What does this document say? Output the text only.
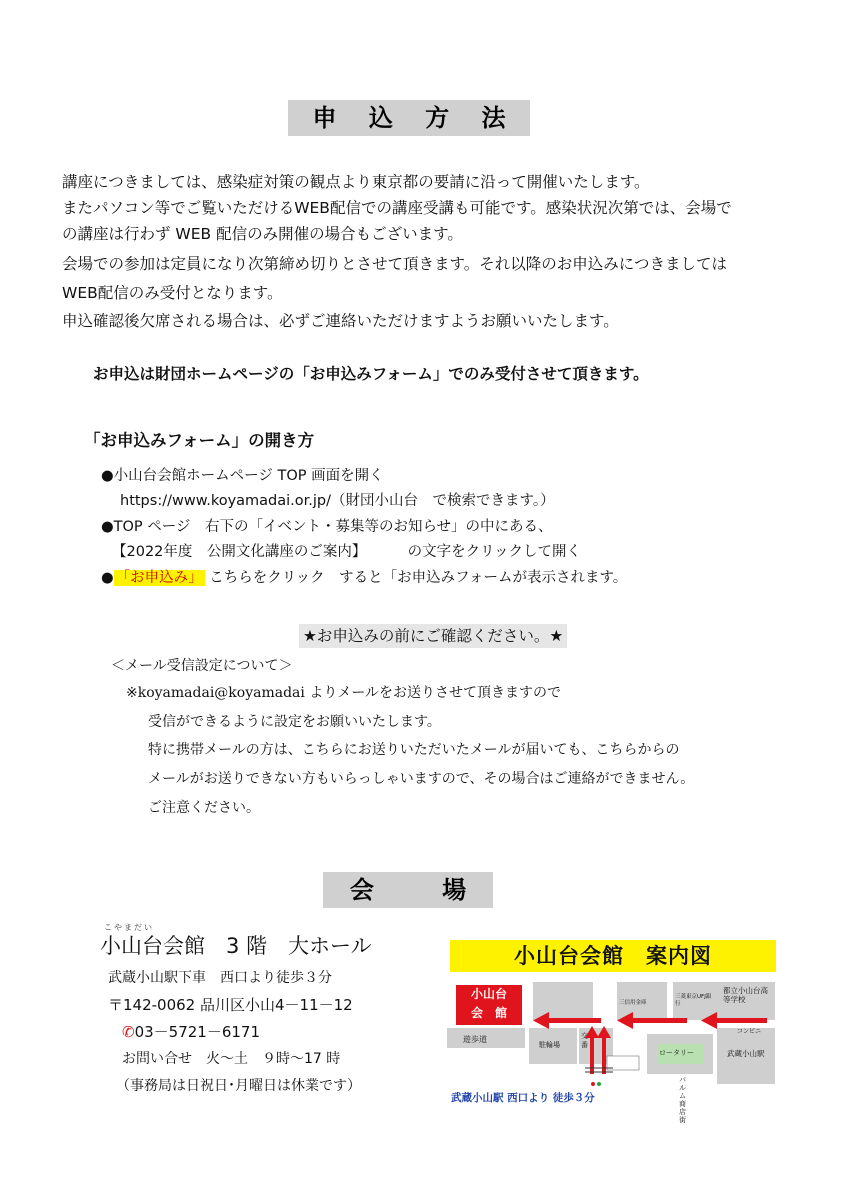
申 込 方 法
講座につきましては、感染症対策の観点より東京都の要請に沿って開催いたします。
またパソコン等でご覧いただけるWEB配信での講座受講も可能です。感染状況次第では、会場で
の講座は行わず WEB 配信のみ開催の場合もございます。
会場での参加は定員になり次第締め切りとさせて頂きます。それ以降のお申込みにつきましては
WEB配信のみ受付となります。
申込確認後欠席される場合は、必ずご連絡いただけますようお願いいたします。
お申込は財団ホームページの「お申込みフォーム」でのみ受付させて頂きます。
「お申込みフォーム」の開き方
●小山台会館ホームページ TOP 画面を開く
https://www.koyamadai.or.jp/（財団小山台　で検索できます。）
●TOP ページ　右下の「イベント・募集等のお知らせ」の中にある、
【2022年度　公開文化講座のご案内】	の文字をクリックして開く
● 「お申込み」 こちらをクリック　すると「お申込みフォームが表示されます。
★お申込みの前にご確認ください。★
＜メール受信設定について＞
※koyamadai@koyamadai よりメールをお送りさせて頂きますので
受信ができるように設定をお願いいたします。
特に携帯メールの方は、こちらにお送りいただいたメールが届いても、こちらからの
メールがお送りできない方もいらっしゃいますので、その場合はご連絡ができません。
ご注意ください。
会	場
こやまだい
小山台会館　3 階　大ホール
武蔵小山駅下車　西口より徒歩３分
〒142-0062 品川区小山4－11－12
✆03－5721－6171
お問い合せ　火～土　９時～17 時
（事務局は日祝日･月曜日は休業です）
小山台会館　案内図
小山台
会　館
三信用金庫
三菱東京UFJ銀行
都立小山台高等学校
コンビニ
遊歩道
駐輪場
交番
ロータリー	武蔵小山駅
パルム商店街
武蔵小山駅 西口より 徒歩３分
